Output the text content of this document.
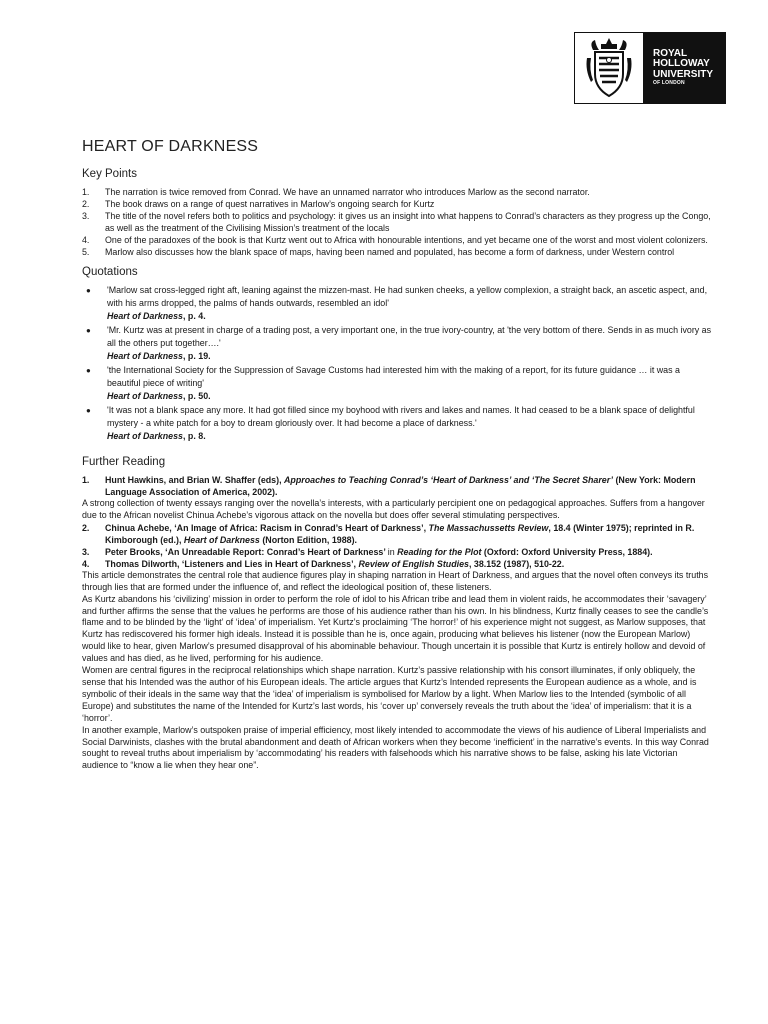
ROYAL
HOLLOWAY
UNIVERSITY
OF LONDON
HEART OF DARKNESS
Key Points
1. The narration is twice removed from Conrad. We have an unnamed narrator who introduces Marlow as the second narrator.
2. The book draws on a range of quest narratives in Marlow’s ongoing search for Kurtz
3. The title of the novel refers both to politics and psychology: it gives us an insight into what happens to Conrad’s characters as they progress up the Congo, as well as the treatment of the Civilising Mission’s treatment of the locals
4. One of the paradoxes of the book is that Kurtz went out to Africa with honourable intentions, and yet became one of the worst and most violent colonizers.
5. Marlow also discusses how the blank space of maps, having been named and populated, has become a form of darkness, under Western control
Quotations
● 'Marlow sat cross-legged right aft, leaning against the mizzen-mast. He had sunken cheeks, a yellow complexion, a straight back, an ascetic aspect, and, with his arms dropped, the palms of hands outwards, resembled an idol'
Heart of Darkness, p. 4.
● 'Mr. Kurtz was at present in charge of a trading post, a very important one, in the true ivory-country, at 'the very bottom of there. Sends in as much ivory as all the others put together….'
Heart of Darkness, p. 19.
● 'the International Society for the Suppression of Savage Customs had interested him with the making of a report, for its future guidance … it was a beautiful piece of writing'
Heart of Darkness, p. 50.
● 'It was not a blank space any more. It had got filled since my boyhood with rivers and lakes and names. It had ceased to be a blank space of delightful mystery - a white patch for a boy to dream gloriously over. It had become a place of darkness.'
Heart of Darkness, p. 8.
Further Reading
1. Hunt Hawkins, and Brian W. Shaffer (eds), Approaches to Teaching Conrad’s ‘Heart of Darkness’ and ‘The Secret Sharer’ (New York: Modern Language Association of America, 2002).

A strong collection of twenty essays ranging over the novella’s interests, with a particularly percipient one on pedagogical approaches. Suffers from a hangover due to the African novelist Chinua Achebe’s vigorous attack on the novella but does offer several stimulating perspectives.

2. Chinua Achebe, ‘An Image of Africa: Racism in Conrad’s Heart of Darkness’, The Massachussetts Review, 18.4 (Winter 1975); reprinted in R. Kimborough (ed.), Heart of Darkness (Norton Edition, 1988).
3. Peter Brooks, ‘An Unreadable Report: Conrad’s Heart of Darkness’ in Reading for the Plot (Oxford: Oxford University Press, 1884).
4. Thomas Dilworth, ‘Listeners and Lies in Heart of Darkness’, Review of English Studies, 38.152 (1987), 510-22.

This article demonstrates the central role that audience figures play in shaping narration in Heart of Darkness, and argues that the novel often conveys its truths through lies that are formed under the influence of, and reflect the ideological position of, these listeners.

As Kurtz abandons his ‘civilizing’ mission in order to perform the role of idol to his African tribe and lead them in violent raids, he accommodates their ‘savagery’ and further affirms the sense that the values he performs are those of his audience rather than his own. In his blindness, Kurtz finally ceases to see the candle’s flame and to be blinded by the ‘light’ of ‘idea’ of imperialism. Yet Kurtz’s proclaiming ‘The horror!’ of his experience might not suggest, as Marlow supposes, that Kurtz has rediscovered his former high ideals. Instead it is possible than he is, once again, producing what believes his listener (now the European Marlow) would like to hear, given Marlow’s presumed disapproval of his abominable behaviour. Though uncertain it is possible that Kurtz is entirely hollow and devoid of values and has died, as he lived, performing for his audience.

Women are central figures in the reciprocal relationships which shape narration. Kurtz’s passive relationship with his consort illuminates, if only obliquely, the sense that his Intended was the author of his European ideals. The article argues that Kurtz’s Intended represents the European audience as a whole, and is symbolic of their ideals in the same way that the ‘idea’ of imperialism is symbolised for Marlow by a light. When Marlow lies to the Intended (symbolic of all Europe) and substitutes the name of the Intended for Kurtz’s last words, his ‘cover up’ conversely reveals the truth about the ‘idea’ of imperialism: that it is a ‘horror’.

In another example, Marlow’s outspoken praise of imperial efficiency, most likely intended to accommodate the views of his audience of Liberal Imperialists and Social Darwinists, clashes with the brutal abandonment and death of African workers when they become ‘inefficient’ in the narrative’s events. In this way Conrad sought to reveal truths about imperialism by ‘accommodating’ his readers with falsehoods which his narrative shows to be false, asking his late Victorian audience to “know a lie when they hear one”.
